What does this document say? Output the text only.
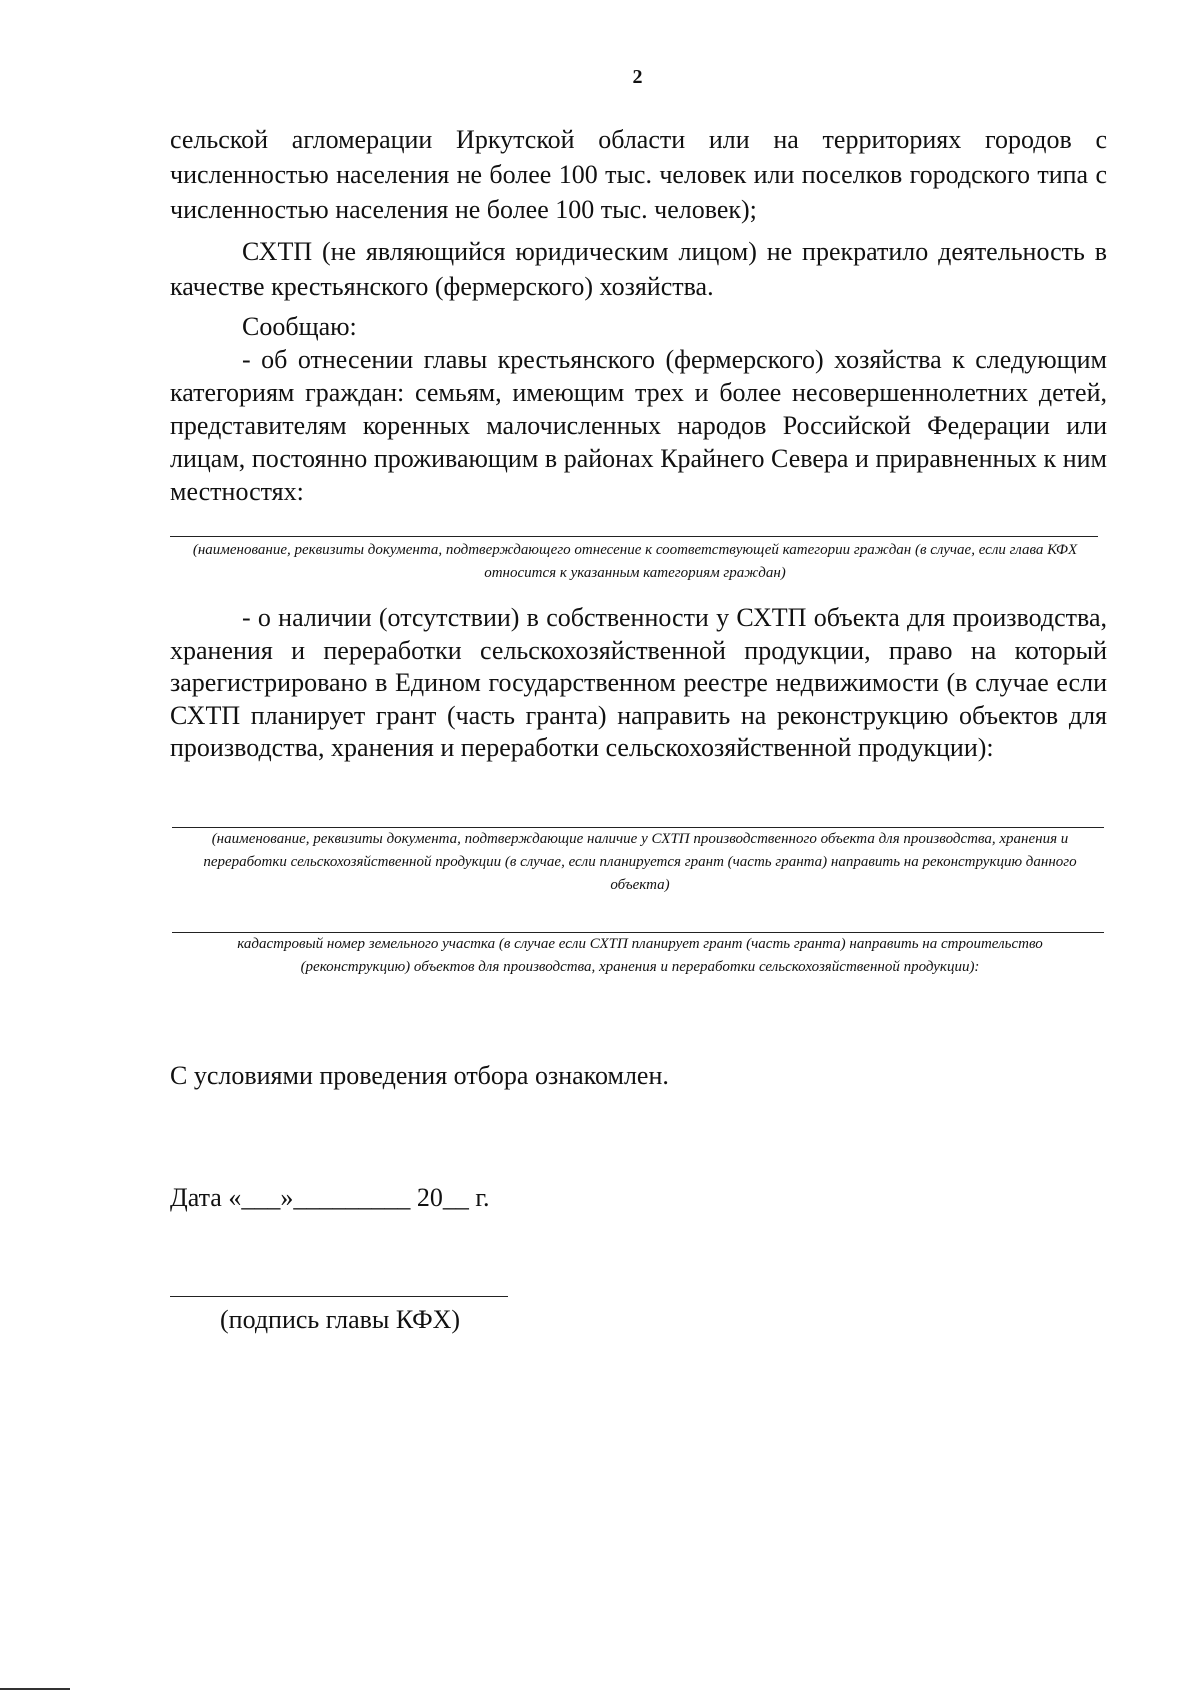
2
сельской агломерации Иркутской области или на территориях городов с численностью населения не более 100 тыс. человек или поселков городского типа с численностью населения не более 100 тыс. человек);
СХТП (не являющийся юридическим лицом) не прекратило деятельность в качестве крестьянского (фермерского) хозяйства.
Сообщаю:
- об отнесении главы крестьянского (фермерского) хозяйства к следующим категориям граждан: семьям, имеющим трех и более несовершеннолетних детей, представителям коренных малочисленных народов Российской Федерации или лицам, постоянно проживающим в районах Крайнего Севера и приравненных к ним местностях:
(наименование, реквизиты документа, подтверждающего отнесение к соответствующей категории граждан (в случае, если глава КФХ относится к указанным категориям граждан)
- о наличии (отсутствии) в собственности у СХТП объекта для производства, хранения и переработки сельскохозяйственной продукции, право на который зарегистрировано в Едином государственном реестре недвижимости (в случае если СХТП планирует грант (часть гранта) направить на реконструкцию объектов для производства, хранения и переработки сельскохозяйственной продукции):
(наименование, реквизиты документа, подтверждающие наличие у СХТП производственного объекта для производства, хранения и переработки сельскохозяйственной продукции (в случае, если планируется грант (часть гранта) направить на реконструкцию данного объекта)
кадастровый номер земельного участка (в случае если СХТП планирует грант (часть гранта) направить на строительство (реконструкцию) объектов для производства, хранения и переработки сельскохозяйственной продукции):
С условиями проведения отбора ознакомлен.
Дата «___»_________ 20__ г.
(подпись главы КФХ)
